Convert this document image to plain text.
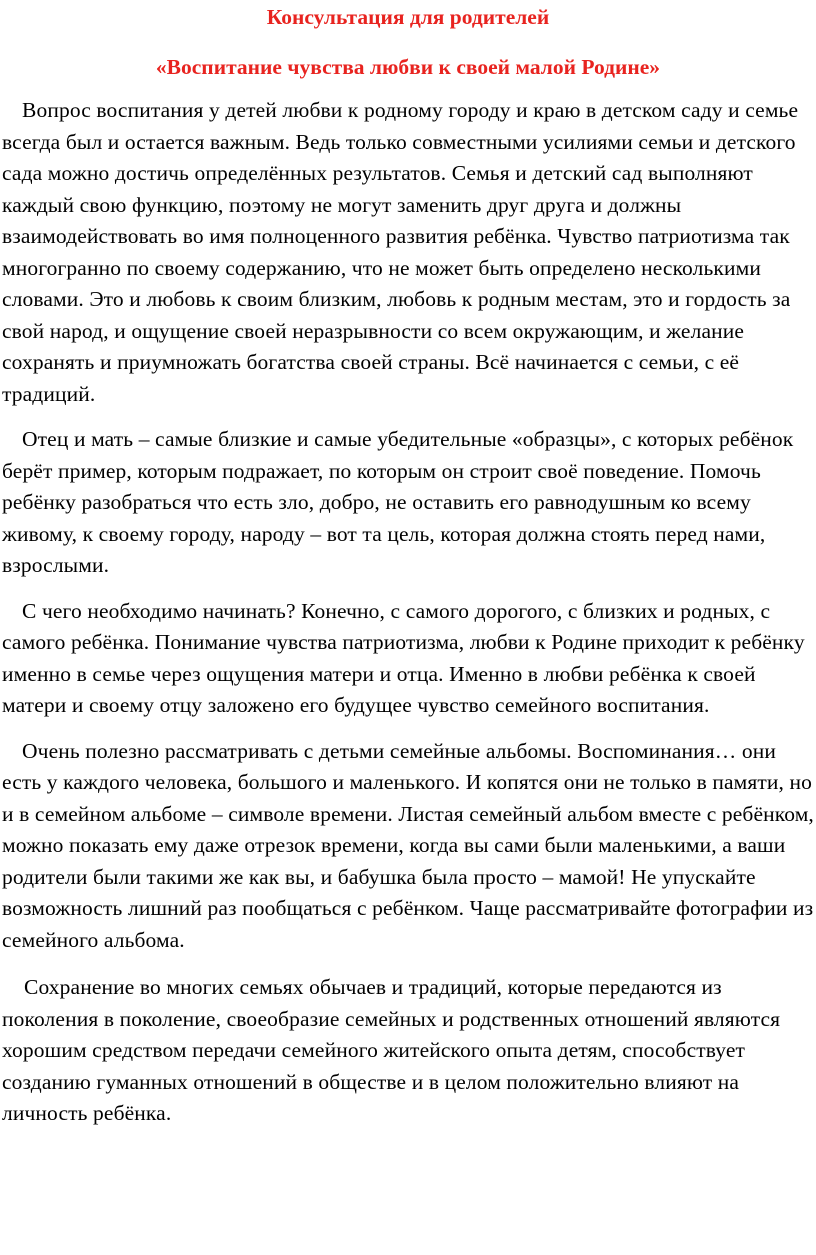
Консультация для родителей

«Воспитание чувства любви к своей малой Родине»

Вопрос воспитания у детей любви к родному городу и краю в детском саду и семье всегда был и остается важным. Ведь только совместными усилиями семьи и детского сада можно достичь определённых результатов. Семья и детский сад выполняют каждый свою функцию, поэтому не могут заменить друг друга и должны взаимодействовать во имя полноценного развития ребёнка. Чувство патриотизма так многогранно по своему содержанию, что не может быть определено несколькими словами. Это и любовь к своим близким, любовь к родным местам, это и гордость за свой народ, и ощущение своей неразрывности со всем окружающим, и желание сохранять и приумножать богатства своей страны. Всё начинается с семьи, с её традиций.

Отец и мать – самые близкие и самые убедительные «образцы», с которых ребёнок берёт пример, которым подражает, по которым он строит своё поведение. Помочь ребёнку разобраться что есть зло, добро, не оставить его равнодушным ко всему живому, к своему городу, народу – вот та цель, которая должна стоять перед нами, взрослыми.

С чего необходимо начинать? Конечно, с самого дорогого, с близких и родных, с самого ребёнка. Понимание чувства патриотизма, любви к Родине приходит к ребёнку именно в семье через ощущения матери и отца. Именно в любви ребёнка к своей матери и своему отцу заложено его будущее чувство семейного воспитания.

Очень полезно рассматривать с детьми семейные альбомы. Воспоминания… они есть у каждого человека, большого и маленького. И копятся они не только в памяти, но и в семейном альбоме – символе времени. Листая семейный альбом вместе с ребёнком, можно показать ему даже отрезок времени, когда вы сами были маленькими, а ваши родители были такими же как вы, и бабушка была просто – мамой! Не упускайте возможность лишний раз пообщаться с ребёнком. Чаще рассматривайте фотографии из семейного альбома.

Сохранение во многих семьях обычаев и традиций, которые передаются из поколения в поколение, своеобразие семейных и родственных отношений являются хорошим средством передачи семейного житейского опыта детям, способствует созданию гуманных отношений в обществе и в целом положительно влияют на личность ребёнка.
